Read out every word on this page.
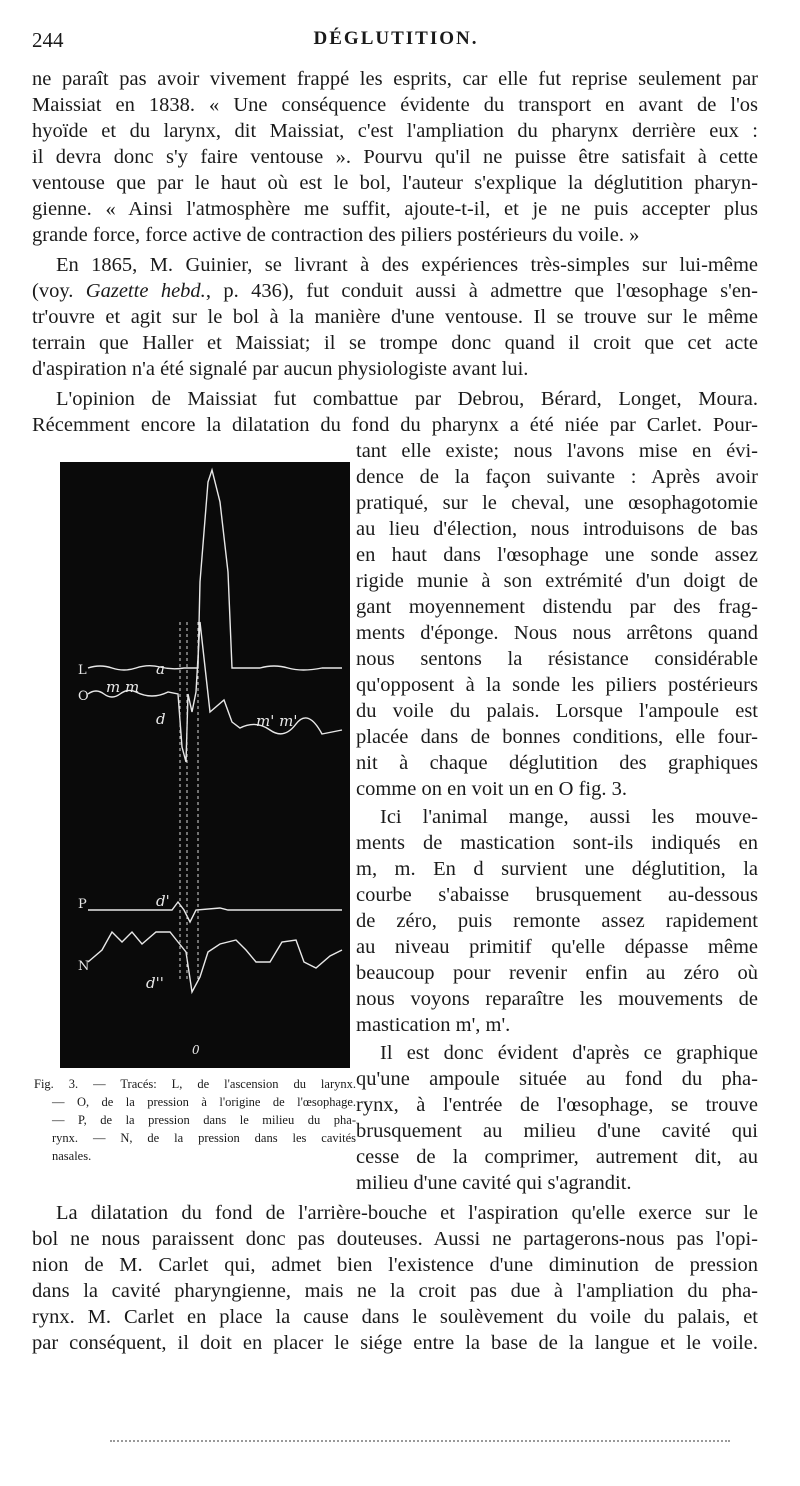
244	DÉGLUTITION.
ne paraît pas avoir vivement frappé les esprits, car elle fut reprise seulement par
Maissiat en 1838. « Une conséquence évidente du transport en avant de l'os
hyoïde et du larynx, dit Maissiat, c'est l'ampliation du pharynx derrière eux :
il devra donc s'y faire ventouse ». Pourvu qu'il ne puisse être satisfait à cette
ventouse que par le haut où est le bol, l'auteur s'explique la déglutition pharyn-
gienne. « Ainsi l'atmosphère me suffit, ajoute-t-il, et je ne puis accepter plus
grande force, force active de contraction des piliers postérieurs du voile. »
En 1865, M. Guinier, se livrant à des expériences très-simples sur lui-même
(voy. Gazette hebd., p. 436), fut conduit aussi à admettre que l'œsophage s'en-
tr'ouvre et agit sur le bol à la manière d'une ventouse. Il se trouve sur le même
terrain que Haller et Maissiat; il se trompe donc quand il croit que cet acte
d'aspiration n'a été signalé par aucun physiologiste avant lui.
L'opinion de Maissiat fut combattue par Debrou, Bérard, Longet, Moura.
Récemment encore la dilatation du fond du pharynx a été niée par Carlet. Pour-
L
O
P
N
a
m m
d	m' m'
d'
d''
0
tant elle existe; nous l'avons mise en évi-
dence de la façon suivante : Après avoir
pratiqué, sur le cheval, une œsophagotomie
au lieu d'élection, nous introduisons de bas
en haut dans l'œsophage une sonde assez
rigide munie à son extrémité d'un doigt de
gant moyennement distendu par des frag-
ments d'éponge. Nous nous arrêtons quand
nous sentons la résistance considérable
qu'opposent à la sonde les piliers postérieurs
du voile du palais. Lorsque l'ampoule est
placée dans de bonnes conditions, elle four-
nit à chaque déglutition des graphiques
comme on en voit un en O fig. 3.
Ici l'animal mange, aussi les mouve-
ments de mastication sont-ils indiqués en
m, m. En d survient une déglutition, la
courbe s'abaisse brusquement au-dessous
de zéro, puis remonte assez rapidement
au niveau primitif qu'elle dépasse même
beaucoup pour revenir enfin au zéro où
nous voyons reparaître les mouvements de
mastication m', m'.
Il est donc évident d'après ce graphique
qu'une ampoule située au fond du pha-
rynx, à l'entrée de l'œsophage, se trouve
brusquement au milieu d'une cavité qui
cesse de la comprimer, autrement dit, au
milieu d'une cavité qui s'agrandit.
Fig. 3. — Tracés: L, de l'ascension du larynx.
— O, de la pression à l'origine de l'œsophage.
— P, de la pression dans le milieu du pha-
rynx. — N, de la pression dans les cavités
nasales.
La dilatation du fond de l'arrière-bouche et l'aspiration qu'elle exerce sur le
bol ne nous paraissent donc pas douteuses. Aussi ne partagerons-nous pas l'opi-
nion de M. Carlet qui, admet bien l'existence d'une diminution de pression
dans la cavité pharyngienne, mais ne la croit pas due à l'ampliation du pha-
rynx. M. Carlet en place la cause dans le soulèvement du voile du palais, et
par conséquent, il doit en placer le siége entre la base de la langue et le voile.
